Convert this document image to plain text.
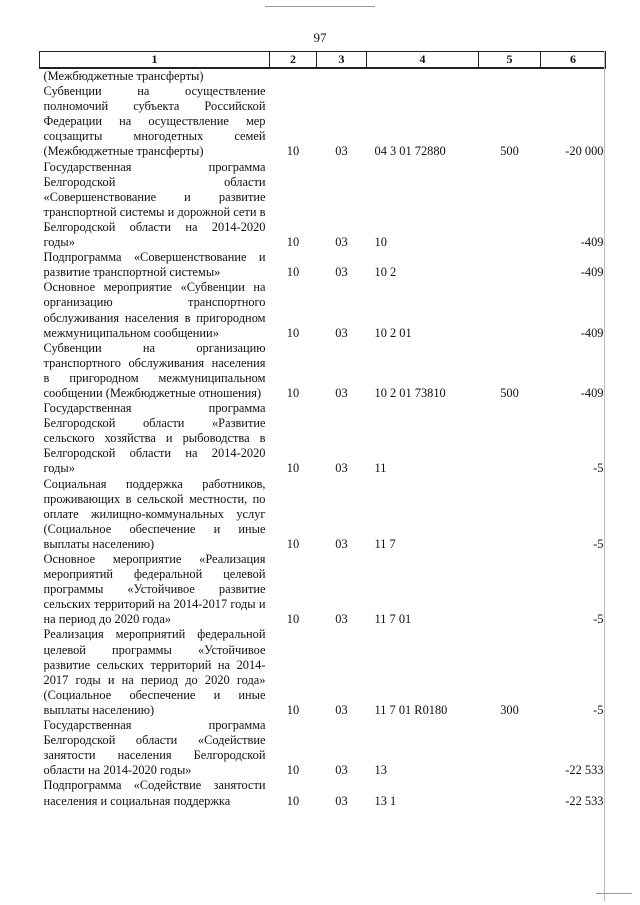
97
1	2	3	4	5	6
(Межбюджетные трансферты)					
Субвенции на осуществление полномочий субъекта Российской Федерации на осуществление мер соцзащиты многодетных семей (Межбюджетные трансферты)	10	03	04 3 01 72880	500	-20 000
Государственная программа Белгородской области «Совершенствование и развитие транспортной системы и дорожной сети в Белгородской области на 2014-2020 годы»	10	03	10		-409
Подпрограмма «Совершенствование и развитие транспортной системы»	10	03	10 2		-409
Основное мероприятие «Субвенции на организацию транспортного обслуживания населения в пригородном межмуниципальном сообщении»	10	03	10 2 01		-409
Субвенции на организацию транспортного обслуживания населения в пригородном межмуниципальном сообщении (Межбюджетные отношения)	10	03	10 2 01 73810	500	-409
Государственная программа Белгородской области «Развитие сельского хозяйства и рыбоводства в Белгородской области на 2014-2020 годы»	10	03	11		-5
Социальная поддержка работников, проживающих в сельской местности, по оплате жилищно-коммунальных услуг (Социальное обеспечение и иные выплаты населению)	10	03	11 7		-5
Основное мероприятие «Реализация мероприятий федеральной целевой программы «Устойчивое развитие сельских территорий на 2014-2017 годы и на период до 2020 года»	10	03	11 7 01		-5
Реализация мероприятий федеральной целевой программы «Устойчивое развитие сельских территорий на 2014-2017 годы и на период до 2020 года» (Социальное обеспечение и иные выплаты населению)	10	03	11 7 01 R0180	300	-5
Государственная программа Белгородской области «Содействие занятости населения Белгородской области на 2014-2020 годы»	10	03	13		-22 533
Подпрограмма «Содействие занятости населения и социальная поддержка	10	03	13 1		-22 533
